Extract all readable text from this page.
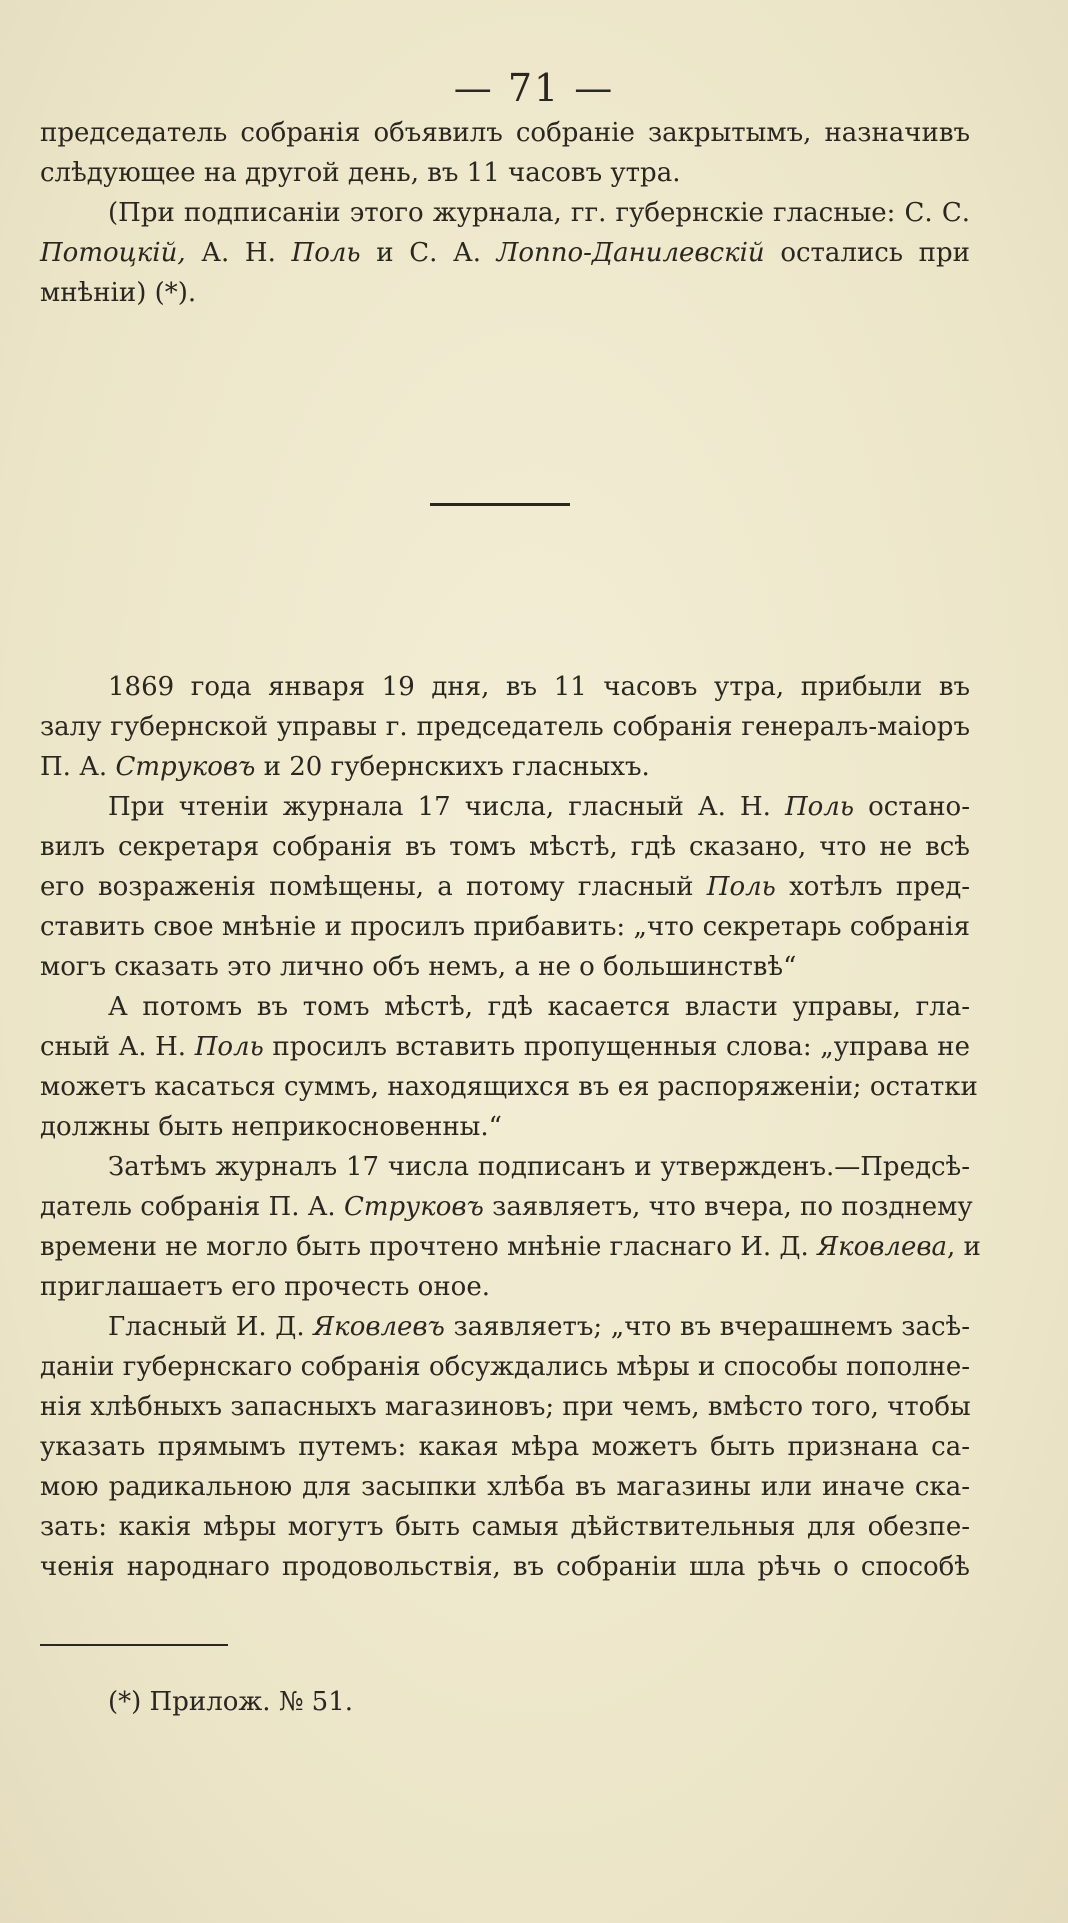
— 71 —
председатель собранія объявилъ собраніе закрытымъ, назначивъ
слѣдующее на другой день, въ 11 часовъ утра.
(При подписаніи этого журнала, гг. губернскіе гласные: С. С.
Потоцкій, А. Н. Поль и С. А. Лоппо-Данилевскій остались при
мнѣніи) (*).
1869 года января 19 дня, въ 11 часовъ утра, прибыли въ
залу губернской управы г. председатель собранія генералъ-маіоръ
П. А. Струковъ и 20 губернскихъ гласныхъ.
При чтеніи журнала 17 числа, гласный А. Н. Поль остано-
вилъ секретаря собранія въ томъ мѣстѣ, гдѣ сказано, что не всѣ
его возраженія помѣщены, а потому гласный Поль хотѣлъ пред-
ставить свое мнѣніе и просилъ прибавить: „что секретарь собранія
могъ сказать это лично объ немъ, а не о большинствѣ“
А потомъ въ томъ мѣстѣ, гдѣ касается власти управы, гла-
сный А. Н. Поль просилъ вставить пропущенныя слова: „управа не
можетъ касаться суммъ, находящихся въ ея распоряженіи; остатки
должны быть неприкосновенны.“
Затѣмъ журналъ 17 числа подписанъ и утвержденъ.—Предсѣ-
датель собранія П. А. Струковъ заявляетъ, что вчера, по позднему
времени не могло быть прочтено мнѣніе гласнаго И. Д. Яковлева, и
приглашаетъ его прочесть оное.
Гласный И. Д. Яковлевъ заявляетъ; „что въ вчерашнемъ засѣ-
даніи губернскаго собранія обсуждались мѣры и способы пополне-
нія хлѣбныхъ запасныхъ магазиновъ; при чемъ, вмѣсто того, чтобы
указать прямымъ путемъ: какая мѣра можетъ быть признана са-
мою радикальною для засыпки хлѣба въ магазины или иначе ска-
зать: какія мѣры могутъ быть самыя дѣйствительныя для обезпе-
ченія народнаго продовольствія, въ собраніи шла рѣчь о способѣ
(*) Прилож. № 51.
